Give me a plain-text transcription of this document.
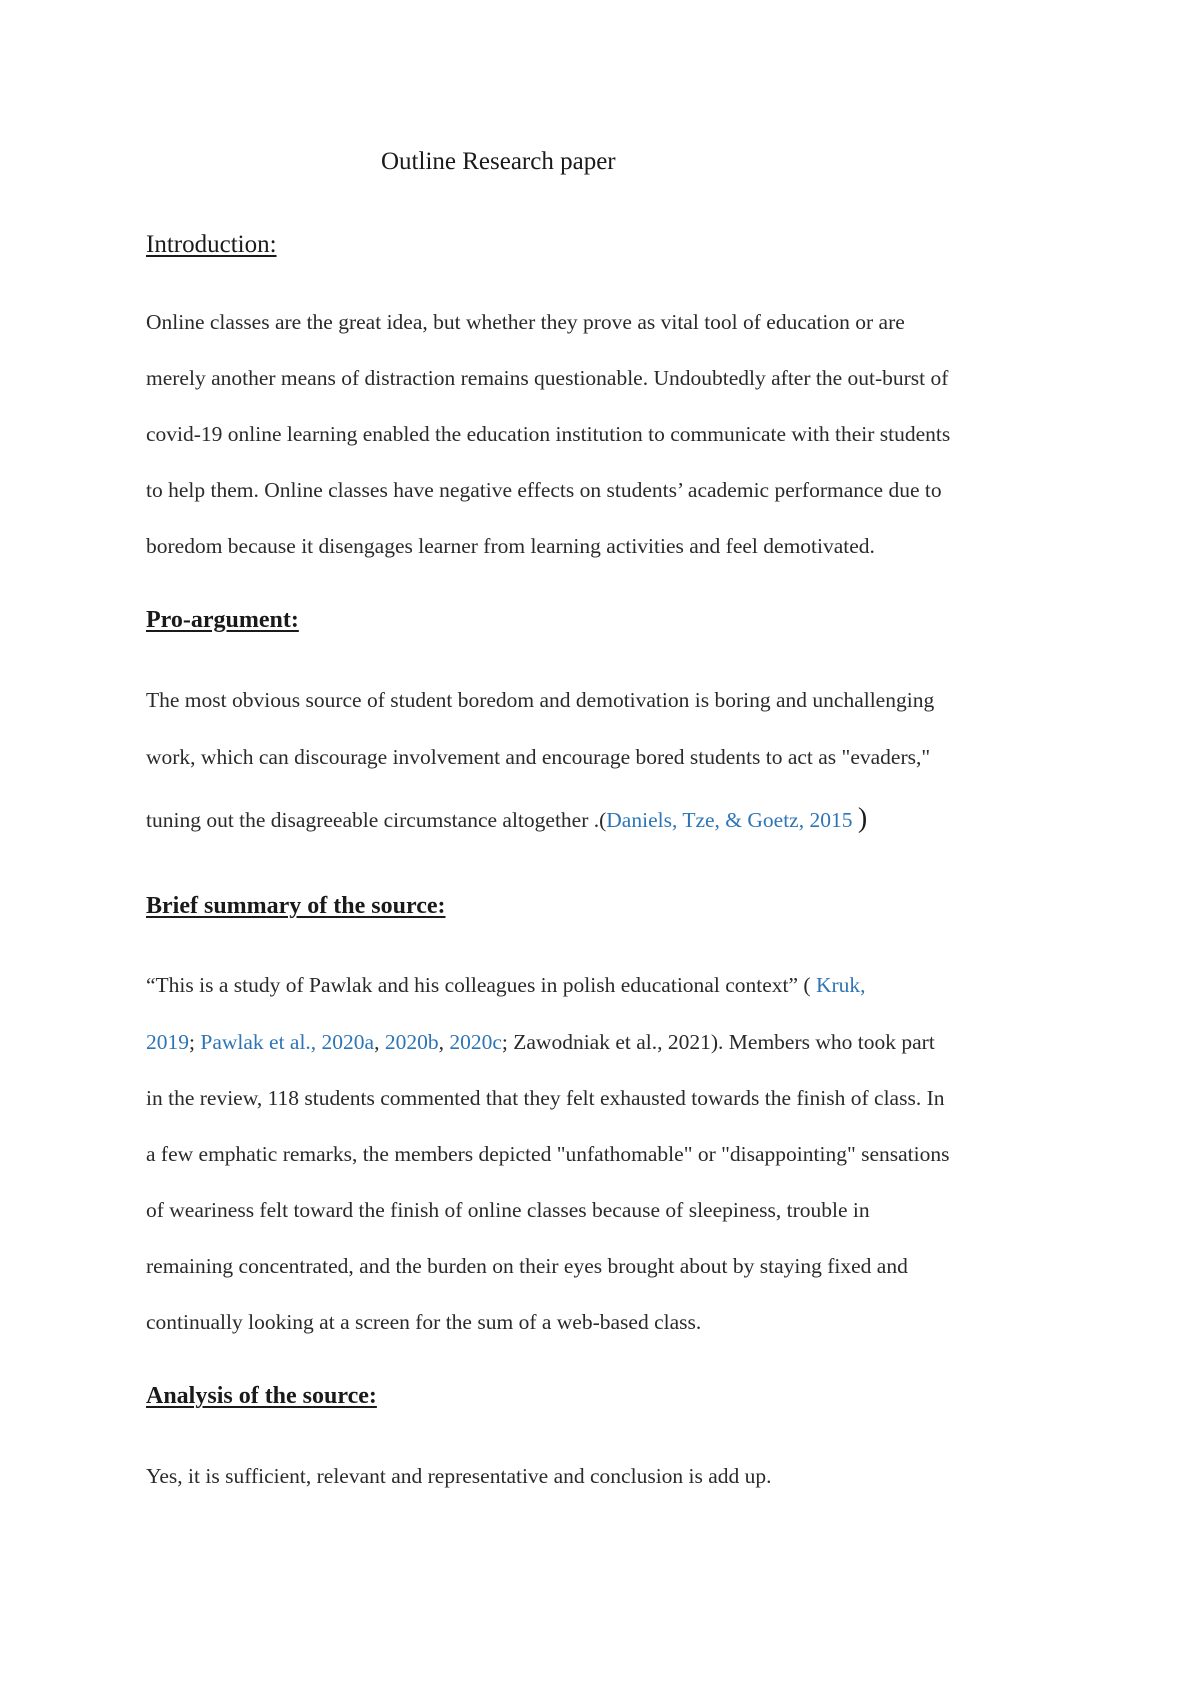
Outline Research paper
Introduction:
Online classes are the great idea, but whether they prove as vital tool of education or are
merely another means of distraction remains questionable. Undoubtedly after the out-burst of
covid-19 online learning enabled the education institution to communicate with their students
to help them. Online classes have negative effects on students’ academic performance due to
boredom because it disengages learner from learning activities and feel demotivated.
Pro-argument:
The most obvious source of student boredom and demotivation is boring and unchallenging
work, which can discourage involvement and encourage bored students to act as "evaders,"
tuning out the disagreeable circumstance altogether .(Daniels, Tze, & Goetz, 2015 )
Brief summary of the source:
“This is a study of Pawlak and his colleagues in polish educational context” ( Kruk,
2019; Pawlak et al., 2020a, 2020b, 2020c; Zawodniak et al., 2021). Members who took part
in the review, 118 students commented that they felt exhausted towards the finish of class. In
a few emphatic remarks, the members depicted "unfathomable" or "disappointing" sensations
of weariness felt toward the finish of online classes because of sleepiness, trouble in
remaining concentrated, and the burden on their eyes brought about by staying fixed and
continually looking at a screen for the sum of a web-based class.
Analysis of the source:
Yes, it is sufficient, relevant and representative and conclusion is add up.
